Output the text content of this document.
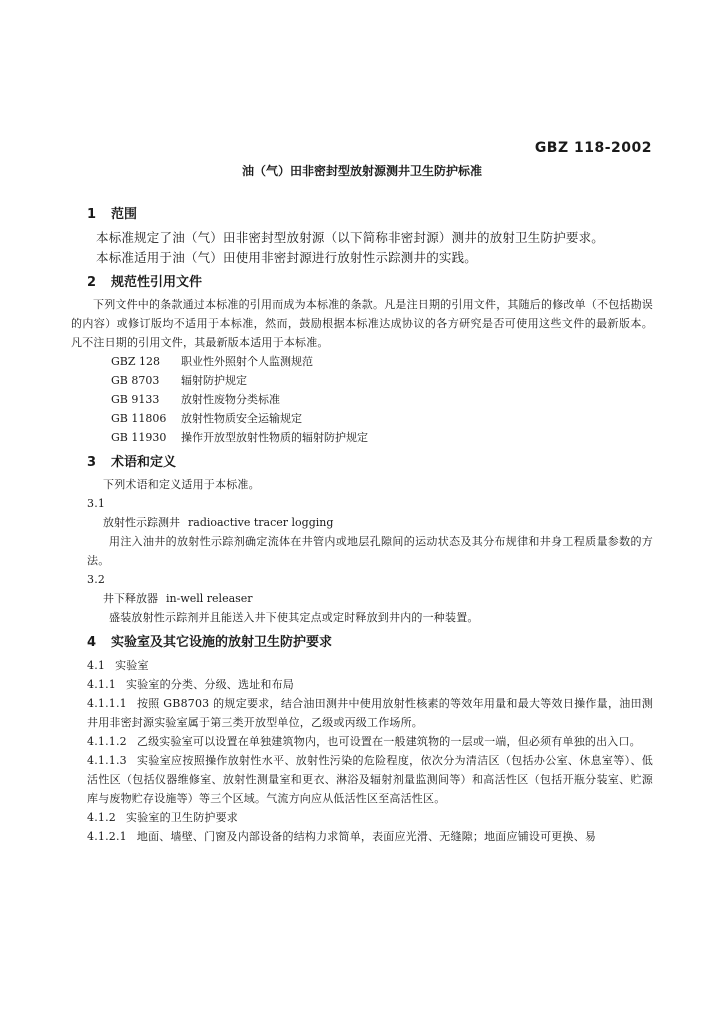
GBZ 118-2002
油（气）田非密封型放射源测井卫生防护标准
1 范围

本标准规定了油（气）田非密封型放射源（以下简称非密封源）测井的放射卫生防护要求。

本标准适用于油（气）田使用非密封源进行放射性示踪测井的实践。

2 规范性引用文件

下列文件中的条款通过本标准的引用而成为本标准的条款。凡是注日期的引用文件，其随后的修改单（不包括勘误的内容）或修订版均不适用于本标准，然而，鼓励根据本标准达成协议的各方研究是否可使用这些文件的最新版本。凡不注日期的引用文件，其最新版本适用于本标准。

GBZ 128 职业性外照射个人监测规范

GB 8703 辐射防护规定

GB 9133 放射性废物分类标准

GB 11806 放射性物质安全运输规定

GB 11930 操作开放型放射性物质的辐射防护规定

3 术语和定义

下列术语和定义适用于本标准。

3.1

放射性示踪测井 radioactive tracer logging

用注入油井的放射性示踪剂确定流体在井管内或地层孔隙间的运动状态及其分布规律和井身工程质量参数的方法。

3.2

井下释放器 in-well releaser

盛装放射性示踪剂并且能送入井下使其定点或定时释放到井内的一种装置。

4 实验室及其它设施的放射卫生防护要求

4.1 实验室

4.1.1 实验室的分类、分级、选址和布局

4.1.1.1 按照 GB8703 的规定要求，结合油田测井中使用放射性核素的等效年用量和最大等效日操作量，油田测井用非密封源实验室属于第三类开放型单位，乙级或丙级工作场所。

4.1.1.2 乙级实验室可以设置在单独建筑物内，也可设置在一般建筑物的一层或一端，但必须有单独的出入口。

4.1.1.3 实验室应按照操作放射性水平、放射性污染的危险程度，依次分为清洁区（包括办公室、休息室等）、低活性区（包括仪器维修室、放射性测量室和更衣、淋浴及辐射剂量监测间等）和高活性区（包括开瓶分装室、贮源库与废物贮存设施等）等三个区域。气流方向应从低活性区至高活性区。

4.1.2 实验室的卫生防护要求

4.1.2.1 地面、墙壁、门窗及内部设备的结构力求简单，表面应光滑、无缝隙；地面应铺设可更换、易
